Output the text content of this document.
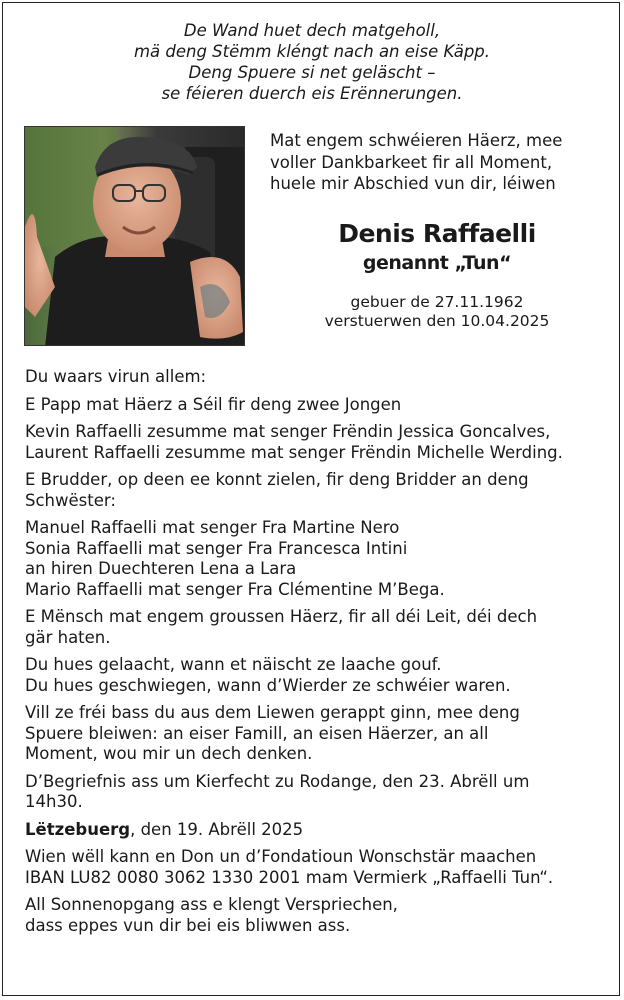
De Wand huet dech matgeholl,
mä deng Stëmm kléngt nach an eise Käpp.
Deng Spuere si net geläscht –
se féieren duerch eis Erënnerungen.
Mat engem schwéieren Häerz, mee
voller Dankbarkeet fir all Moment,
huele mir Abschied vun dir, léiwen
Denis Raffaelli
genannt „Tun“
gebuer de 27.11.1962
verstuerwen den 10.04.2025

Du waars virun allem:

E Papp mat Häerz a Séil fir deng zwee Jongen

Kevin Raffaelli zesumme mat senger Frëndin Jessica Goncalves,
Laurent Raffaelli zesumme mat senger Frëndin Michelle Werding.

E Brudder, op deen ee konnt zielen, fir deng Bridder an deng
Schwëster:

Manuel Raffaelli mat senger Fra Martine Nero
Sonia Raffaelli mat senger Fra Francesca Intini
an hiren Duechteren Lena a Lara
Mario Raffaelli mat senger Fra Clémentine M’Bega.

E Mënsch mat engem groussen Häerz, fir all déi Leit, déi dech
gär haten.

Du hues gelaacht, wann et näischt ze laache gouf.
Du hues geschwiegen, wann d’Wierder ze schwéier waren.

Vill ze fréi bass du aus dem Liewen gerappt ginn, mee deng
Spuere bleiwen: an eiser Famill, an eisen Häerzer, an all
Moment, wou mir un dech denken.

D’Begriefnis ass um Kierfecht zu Rodange, den 23. Abrëll um
14h30.

Lëtzebuerg, den 19. Abrëll 2025

Wien wëll kann en Don un d’Fondatioun Wonschstär maachen
IBAN LU82 0080 3062 1330 2001 mam Vermierk „Raffaelli Tun“.

All Sonnenopgang ass e klengt Verspriechen,
dass eppes vun dir bei eis bliwwen ass.
